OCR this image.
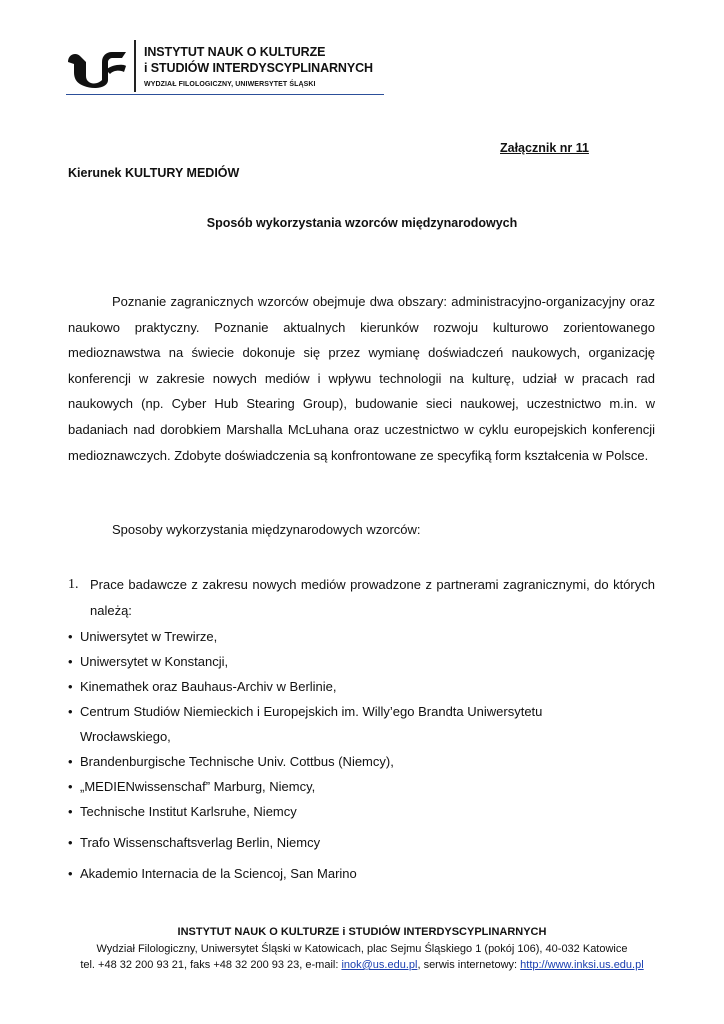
INSTYTUT NAUK O KULTURZE
i STUDIÓW INTERDYSCYPLINARNYCH
WYDZIAŁ FILOLOGICZNY, UNIWERSYTET ŚLĄSKI
Załącznik nr 11
Kierunek KULTURY MEDIÓW
Sposób wykorzystania wzorców międzynarodowych

Poznanie zagranicznych wzorców obejmuje dwa obszary: administracyjno-organizacyjny oraz naukowo praktyczny. Poznanie aktualnych kierunków rozwoju kulturowo zorientowanego medioznawstwa na świecie dokonuje się przez wymianę doświadczeń naukowych, organizację konferencji w zakresie nowych mediów i wpływu technologii na kulturę, udział w pracach rad naukowych (np. Cyber Hub Stearing Group), budowanie sieci naukowej, uczestnictwo m.in. w badaniach nad dorobkiem Marshalla McLuhana oraz uczestnictwo w cyklu europejskich konferencji medioznawczych. Zdobyte doświadczenia są konfrontowane ze specyfiką form kształcenia w Polsce.

Sposoby wykorzystania międzynarodowych wzorców:
1. Prace badawcze z zakresu nowych mediów prowadzone z partnerami zagranicznymi, do których należą:
• Uniwersytet w Trewirze,
• Uniwersytet w Konstancji,
• Kinemathek oraz Bauhaus-Archiv w Berlinie,
• Centrum Studiów Niemieckich i Europejskich im. Willy’ego Brandta Uniwersytetu Wrocławskiego,
• Brandenburgische Technische Univ. Cottbus (Niemcy),
• „MEDIENwissenschaf” Marburg, Niemcy,
• Technische Institut Karlsruhe, Niemcy
• Trafo Wissenschaftsverlag Berlin, Niemcy
• Akademio Internacia de la Sciencoj, San Marino
INSTYTUT NAUK O KULTURZE i STUDIÓW INTERDYSCYPLINARNYCH
Wydział Filologiczny, Uniwersytet Śląski w Katowicach, plac Sejmu Śląskiego 1 (pokój 106), 40-032 Katowice
tel. +48 32 200 93 21, faks +48 32 200 93 23, e-mail: inok@us.edu.pl, serwis internetowy: http://www.inksi.us.edu.pl
